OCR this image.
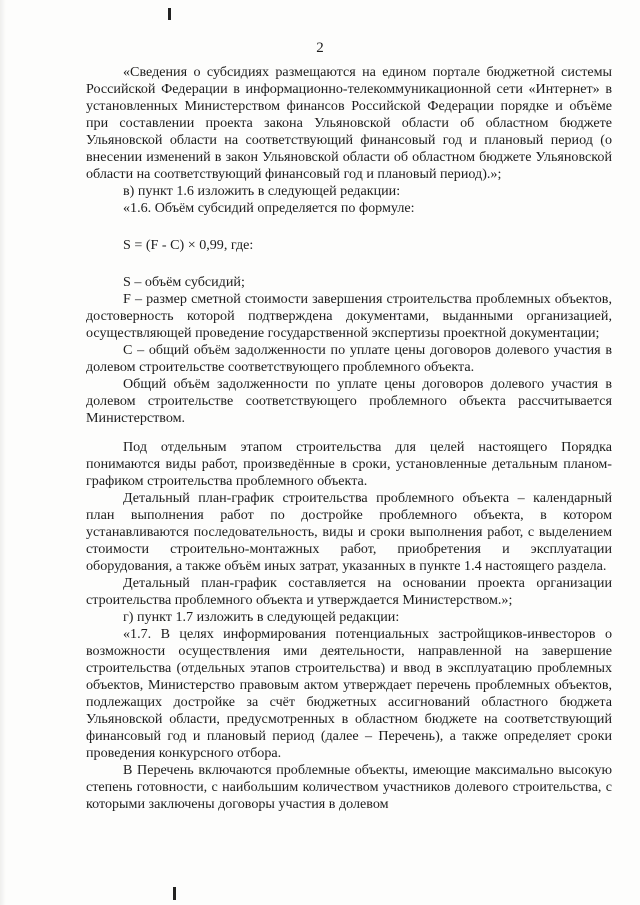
2

«Сведения о субсидиях размещаются на едином портале бюджетной системы Российской Федерации в информационно-телекоммуникационной сети «Интернет» в установленных Министерством финансов Российской Федерации порядке и объёме при составлении проекта закона Ульяновской области об областном бюджете Ульяновской области на соответствующий финансовый год и плановый период (о внесении изменений в закон Ульяновской области об областном бюджете Ульяновской области на соответствующий финансовый год и плановый период).»;

в) пункт 1.6 изложить в следующей редакции:

«1.6. Объём субсидий определяется по формуле:

S = (F - C) × 0,99, где:

S – объём субсидий;

F – размер сметной стоимости завершения строительства проблемных объектов, достоверность которой подтверждена документами, выданными организацией, осуществляющей проведение государственной экспертизы проектной документации;

С – общий объём задолженности по уплате цены договоров долевого участия в долевом строительстве соответствующего проблемного объекта.

Общий объём задолженности по уплате цены договоров долевого участия в долевом строительстве соответствующего проблемного объекта рассчитывается Министерством.

Под отдельным этапом строительства для целей настоящего Порядка понимаются виды работ, произведённые в сроки, установленные детальным планом-графиком строительства проблемного объекта.

Детальный план-график строительства проблемного объекта – календарный план выполнения работ по достройке проблемного объекта, в котором устанавливаются последовательность, виды и сроки выполнения работ, с выделением стоимости строительно-монтажных работ, приобретения и эксплуатации оборудования, а также объём иных затрат, указанных в пункте 1.4 настоящего раздела.

Детальный план-график составляется на основании проекта организации строительства проблемного объекта и утверждается Министерством.»;

г) пункт 1.7 изложить в следующей редакции:

«1.7. В целях информирования потенциальных застройщиков-инвесторов о возможности осуществления ими деятельности, направленной на завершение строительства (отдельных этапов строительства) и ввод в эксплуатацию проблемных объектов, Министерство правовым актом утверждает перечень проблемных объектов, подлежащих достройке за счёт бюджетных ассигнований областного бюджета Ульяновской области, предусмотренных в областном бюджете на соответствующий финансовый год и плановый период (далее – Перечень), а также определяет сроки проведения конкурсного отбора.

В Перечень включаются проблемные объекты, имеющие максимально высокую степень готовности, с наибольшим количеством участников долевого строительства, с которыми заключены договоры участия в долевом
